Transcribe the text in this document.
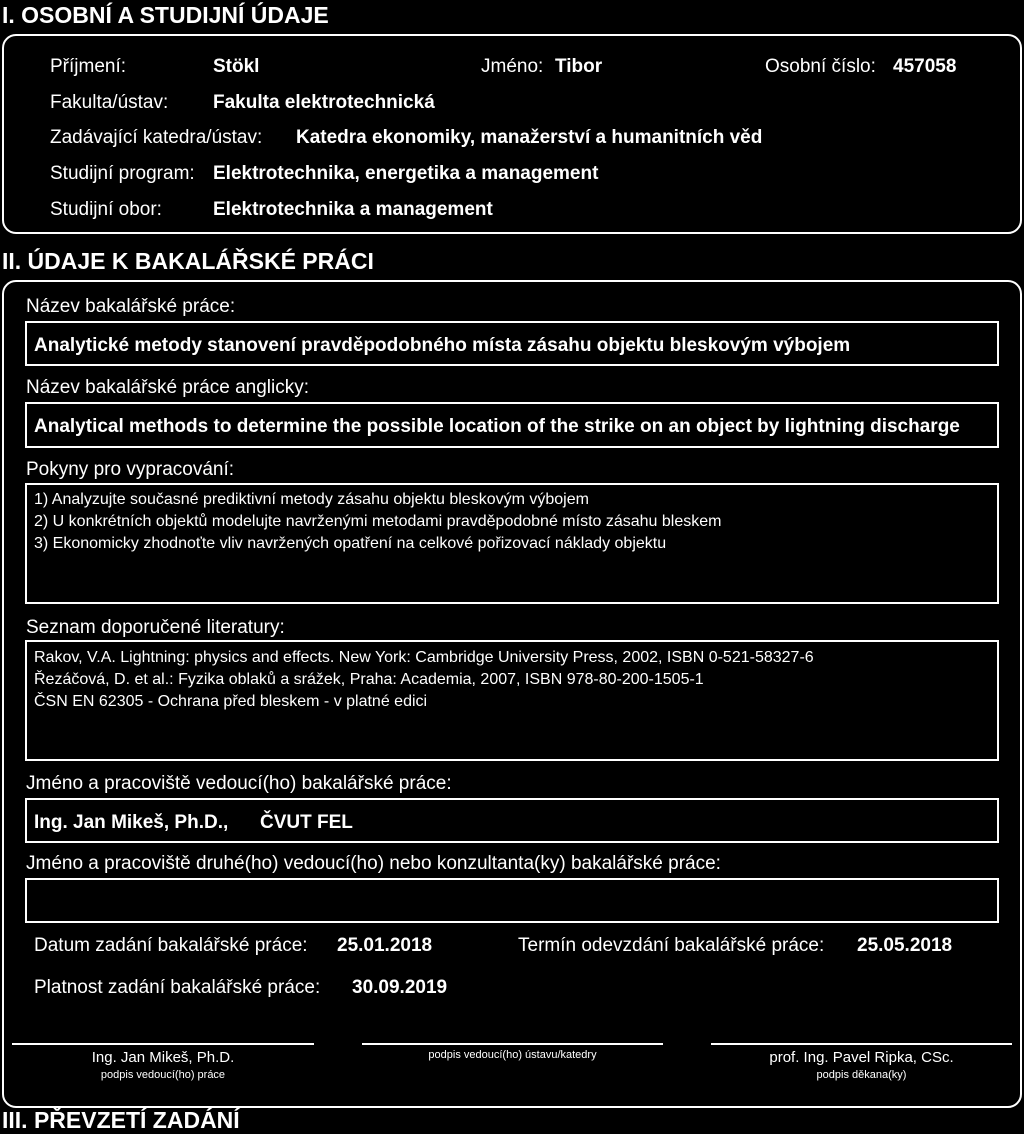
I. OSOBNÍ A STUDIJNÍ ÚDAJE
Příjmení:	Stökl	Jméno: Tibor	Osobní číslo: 457058
Fakulta/ústav: Fakulta elektrotechnická
Zadávající katedra/ústav: Katedra ekonomiky, manažerství a humanitních věd
Studijní program: Elektrotechnika, energetika a management
Studijní obor:	Elektrotechnika a management
II. ÚDAJE K BAKALÁŘSKÉ PRÁCI
Název bakalářské práce:
Analytické metody stanovení pravděpodobného místa zásahu objektu bleskovým výbojem
Název bakalářské práce anglicky:
Analytical methods to determine the possible location of the strike on an object by lightning discharge
Pokyny pro vypracování:
1) Analyzujte současné prediktivní metody zásahu objektu bleskovým výbojem
2) U konkrétních objektů modelujte navrženými metodami pravděpodobné místo zásahu bleskem
3) Ekonomicky zhodnoťte vliv navržených opatření na celkové pořizovací náklady objektu
Seznam doporučené literatury:
Rakov, V.A. Lightning: physics and effects. New York: Cambridge University Press, 2002, ISBN 0-521-58327-6
Řezáčová, D. et al.: Fyzika oblaků a srážek, Praha: Academia, 2007, ISBN 978-80-200-1505-1
ČSN EN 62305 - Ochrana před bleskem - v platné edici
Jméno a pracoviště vedoucí(ho) bakalářské práce:
Ing. Jan Mikeš, Ph.D., ČVUT FEL
Jméno a pracoviště druhé(ho) vedoucí(ho) nebo konzultanta(ky) bakalářské práce:
Datum zadání bakalářské práce: 25.01.2018	Termín odevzdání bakalářské práce: 25.05.2018
Platnost zadání bakalářské práce: 30.09.2019
Ing. Jan Mikeš, Ph.D.
podpis vedoucí(ho) práce
podpis vedoucí(ho) ústavu/katedry	prof. Ing. Pavel Ripka, CSc.
podpis děkana(ky)
III. PŘEVZETÍ ZADÁNÍ
